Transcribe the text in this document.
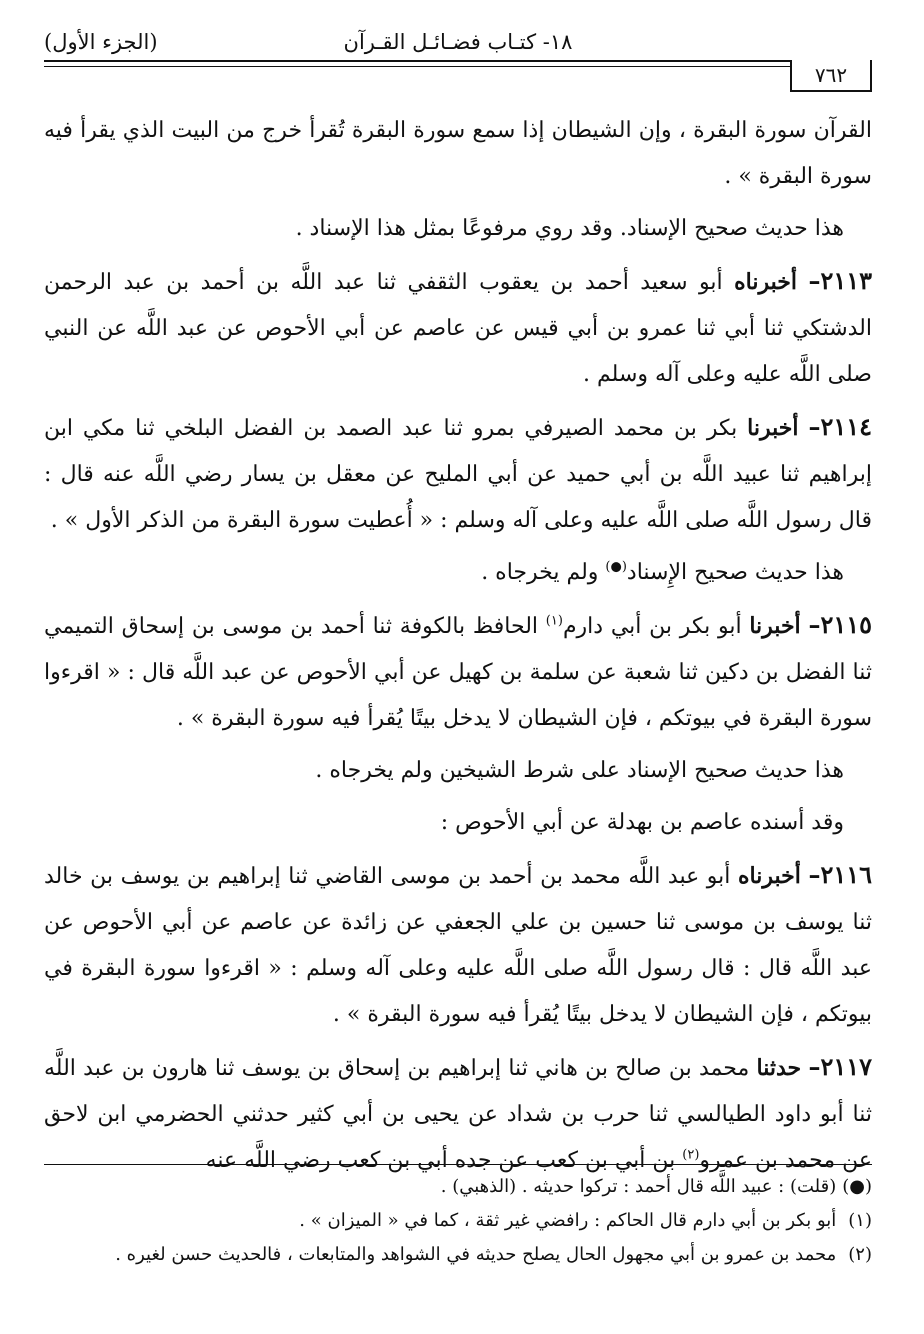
١٨- كتـاب فضـائـل القـرآن
(الجزء الأول)
٧٦٢

القرآن سورة البقرة ، وإن الشيطان إذا سمع سورة البقرة تُقرأ خرج من البيت الذي يقرأ فيه سورة البقرة » .

هذا حديث صحيح الإسناد. وقد روي مرفوعًا بمثل هذا الإسناد .

٢١١٣– أخبرناه أبو سعيد أحمد بن يعقوب الثقفي ثنا عبد اللَّه بن أحمد بن عبد الرحمن الدشتكي ثنا أبي ثنا عمرو بن أبي قيس عن عاصم عن أبي الأحوص عن عبد اللَّه عن النبي صلى اللَّه عليه وعلى آله وسلم .

٢١١٤– أخبرنا بكر بن محمد الصيرفي بمرو ثنا عبد الصمد بن الفضل البلخي ثنا مكي ابن إبراهيم ثنا عبيد اللَّه بن أبي حميد عن أبي المليح عن معقل بن يسار رضي اللَّه عنه قال : قال رسول اللَّه صلى اللَّه عليه وعلى آله وسلم : « أُعطيت سورة البقرة من الذكر الأول » .

هذا حديث صحيح الإِسناد(●) ولم يخرجاه .

٢١١٥– أخبرنا أبو بكر بن أبي دارم$^{(١)}$ الحافظ بالكوفة ثنا أحمد بن موسى بن إسحاق التميمي ثنا الفضل بن دكين ثنا شعبة عن سلمة بن كهيل عن أبي الأحوص عن عبد اللَّه قال : « اقرءوا سورة البقرة في بيوتكم ، فإن الشيطان لا يدخل بيتًا يُقرأ فيه سورة البقرة » .

هذا حديث صحيح الإسناد على شرط الشيخين ولم يخرجاه .

وقد أسنده عاصم بن بهدلة عن أبي الأحوص :

٢١١٦– أخبرناه أبو عبد اللَّه محمد بن أحمد بن موسى القاضي ثنا إبراهيم بن يوسف بن خالد ثنا يوسف بن موسى ثنا حسين بن علي الجعفي عن زائدة عن عاصم عن أبي الأحوص عن عبد اللَّه قال : قال رسول اللَّه صلى اللَّه عليه وعلى آله وسلم : « اقرءوا سورة البقرة في بيوتكم ، فإن الشيطان لا يدخل بيتًا يُقرأ فيه سورة البقرة » .

٢١١٧– حدثنا محمد بن صالح بن هاني ثنا إبراهيم بن إسحاق بن يوسف ثنا هارون بن عبد اللَّه ثنا أبو داود الطيالسي ثنا حرب بن شداد عن يحيى بن أبي كثير حدثني الحضرمي ابن لاحق عن محمد بن عمرو$^{(٢)}$ بن أبي بن كعب عن جده أبي بن كعب رضي اللَّه عنه

(●) (قلت) : عبيد اللَّه قال أحمد : تركوا حديثه . (الذهبي) .
(١) أبو بكر بن أبي دارم قال الحاكم : رافضي غير ثقة ، كما في « الميزان » .
(٢) محمد بن عمرو بن أبي مجهول الحال يصلح حديثه في الشواهد والمتابعات ، فالحديث حسن لغيره .
